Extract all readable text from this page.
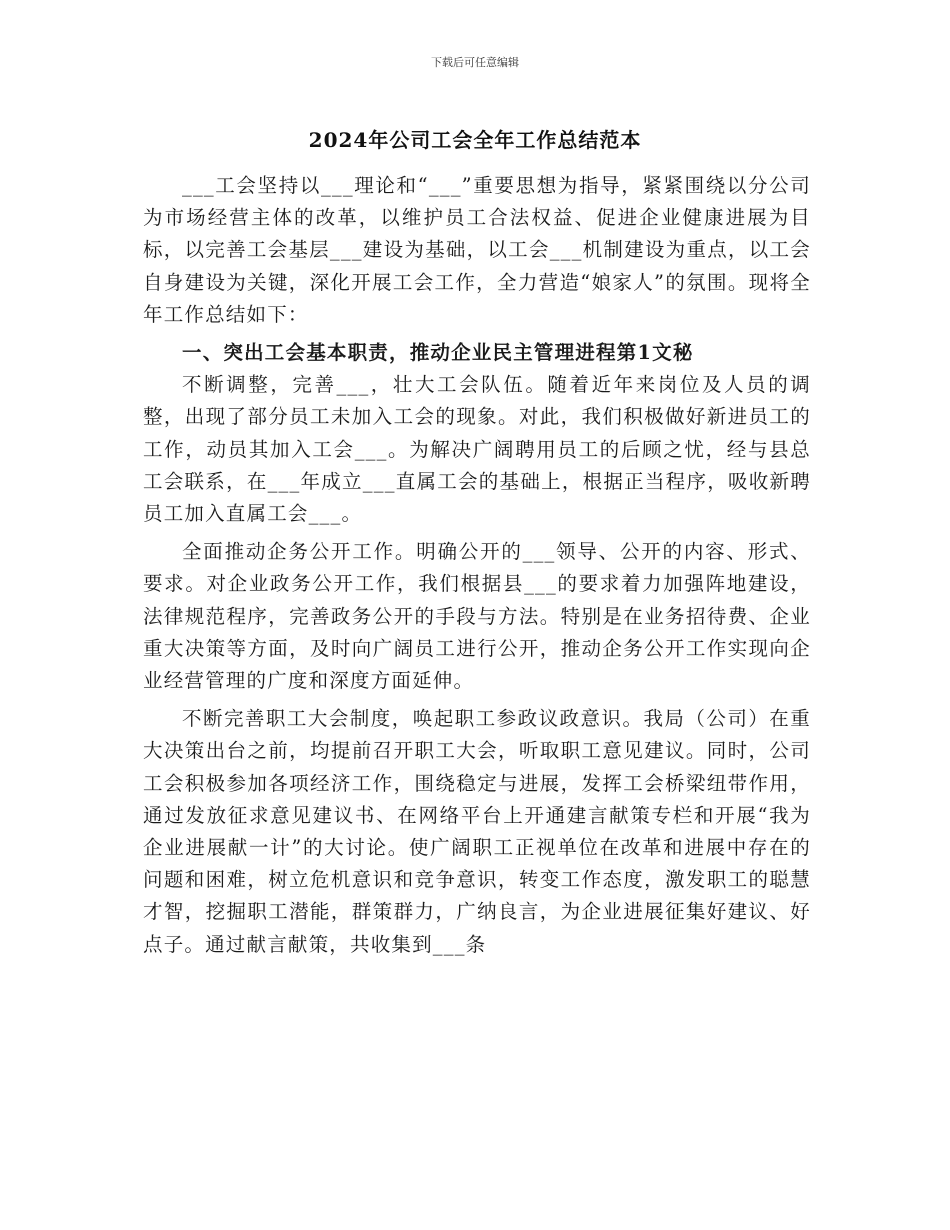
下载后可任意编辑
2024年公司工会全年工作总结范本

___工会坚持以___理论和“___”重要思想为指导，紧紧围绕以分公司为市场经营主体的改革，以维护员工合法权益、促进企业健康进展为目标，以完善工会基层___建设为基础，以工会___机制建设为重点，以工会自身建设为关键，深化开展工会工作，全力营造“娘家人”的氛围。现将全年工作总结如下：

一、突出工会基本职责，推动企业民主管理进程第1文秘

不断调整，完善___，壮大工会队伍。随着近年来岗位及人员的调整，出现了部分员工未加入工会的现象。对此，我们积极做好新进员工的工作，动员其加入工会___。为解决广阔聘用员工的后顾之忧，经与县总工会联系，在___年成立___直属工会的基础上，根据正当程序，吸收新聘员工加入直属工会___。

全面推动企务公开工作。明确公开的___领导、公开的内容、形式、要求。对企业政务公开工作，我们根据县___的要求着力加强阵地建设，法律规范程序，完善政务公开的手段与方法。特别是在业务招待费、企业重大决策等方面，及时向广阔员工进行公开，推动企务公开工作实现向企业经营管理的广度和深度方面延伸。

不断完善职工大会制度，唤起职工参政议政意识。我局（公司）在重大决策出台之前，均提前召开职工大会，听取职工意见建议。同时，公司工会积极参加各项经济工作，围绕稳定与进展，发挥工会桥梁纽带作用，通过发放征求意见建议书、在网络平台上开通建言献策专栏和开展“我为企业进展献一计”的大讨论。使广阔职工正视单位在改革和进展中存在的问题和困难，树立危机意识和竞争意识，转变工作态度，激发职工的聪慧才智，挖掘职工潜能，群策群力，广纳良言，为企业进展征集好建议、好点子。通过献言献策，共收集到___条
